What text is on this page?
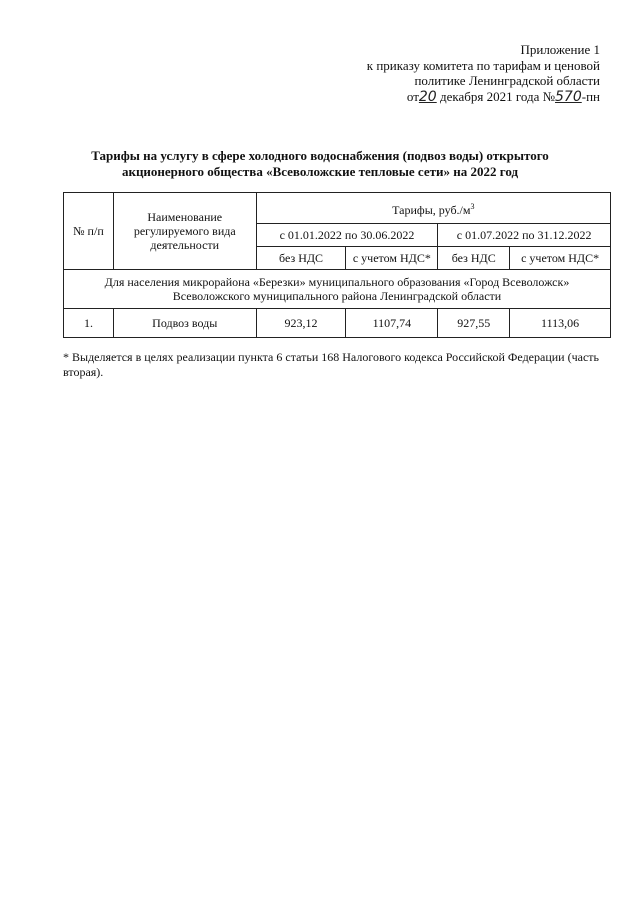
Приложение 1
к приказу комитета по тарифам и ценовой
политике Ленинградской области
от20 декабря 2021 года №570-пн
Тарифы на услугу в сфере холодного водоснабжения (подвоз воды) открытого
акционерного общества «Всеволожские тепловые сети» на 2022 год
№ п/п	Наименование регулируемого вида деятельности	Тарифы, $руб./м^3$
		с 01.01.2022 по 30.06.2022		с 01.07.2022 по 31.12.2022	
		без НДС	с учетом НДС*	без НДС	с учетом НДС*
Для населения микрорайона «Березки» муниципального образования «Город Всеволожск» Всеволожского муниципального района Ленинградской области					
1.	Подвоз воды	923,12	1107,74	927,55	1113,06
* Выделяется в целях реализации пункта 6 статьи 168 Налогового кодекса Российской Федерации (часть вторая).
